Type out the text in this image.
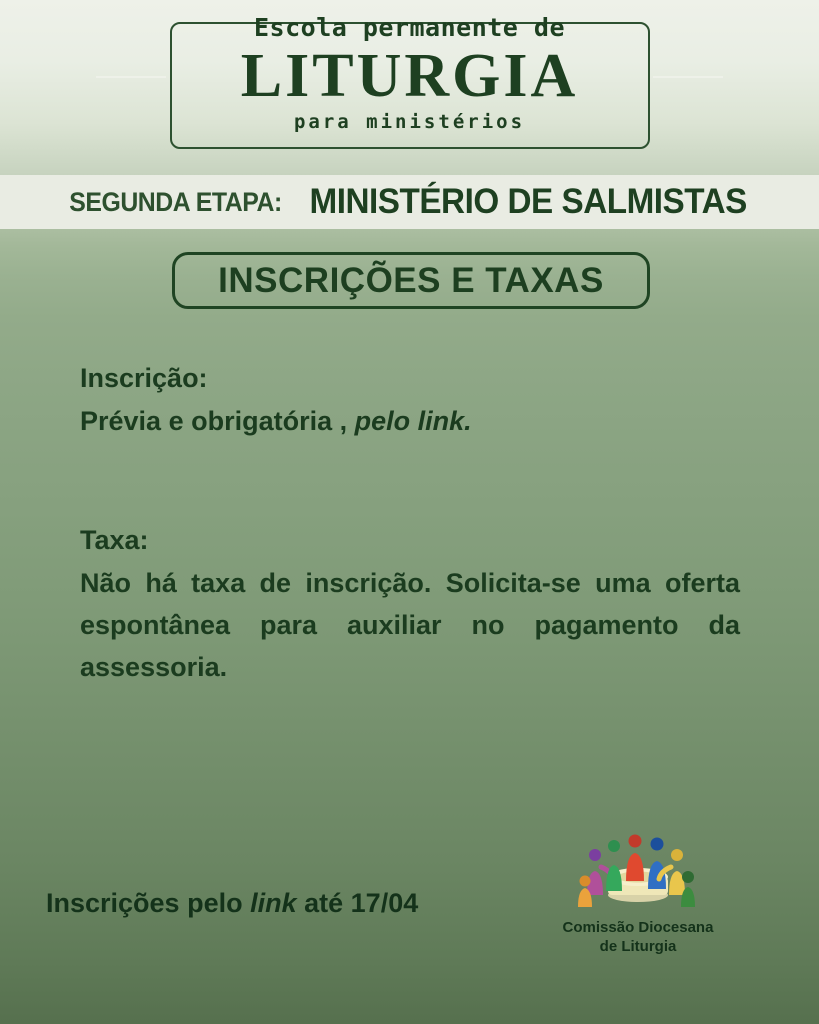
Escola permanente de
LITURGIA
para ministérios
SEGUNDA ETAPA: MINISTÉRIO DE SALMISTAS
INSCRIÇÕES E TAXAS
Inscrição:
Prévia e obrigatória , pelo link.
Taxa:
Não há taxa de inscrição. Solicita-se uma oferta espontânea para auxiliar no pagamento da assessoria.
Inscrições pelo link até 17/04
Comissão Diocesana
de Liturgia
